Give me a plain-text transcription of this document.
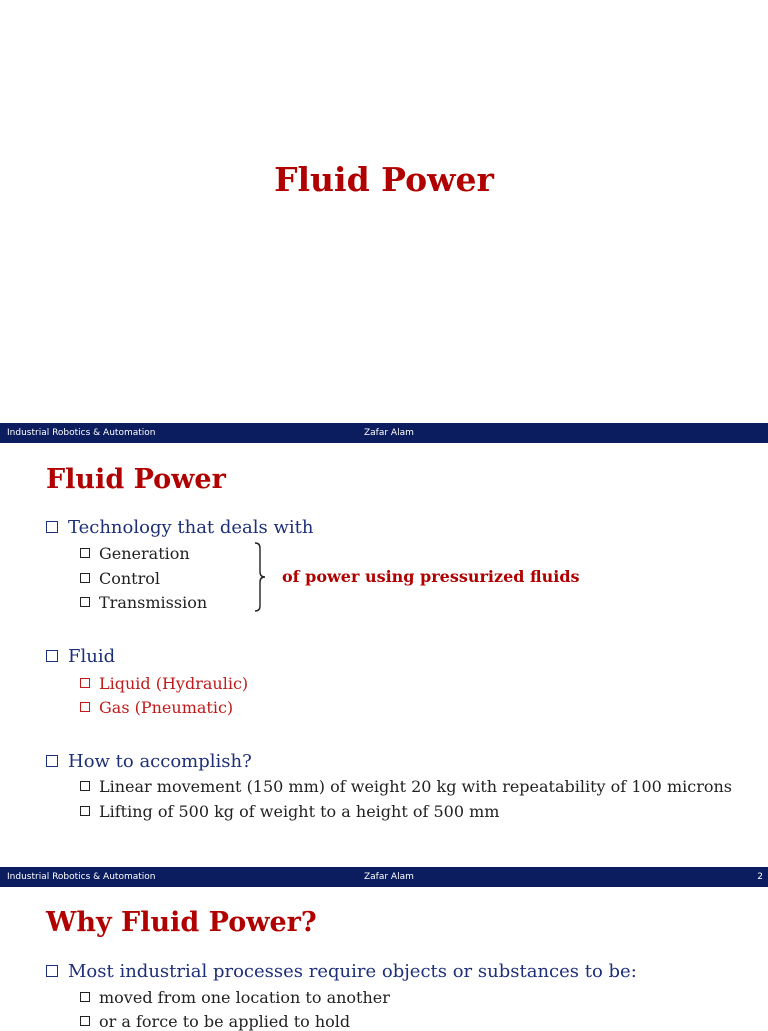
Fluid Power
Industrial Robotics & Automation	Zafar Alam
Fluid Power
Technology that deals with
Generation
Control
Transmission
of power using pressurized fluids
Fluid
Liquid (Hydraulic)
Gas (Pneumatic)
How to accomplish?
Linear movement (150 mm) of weight 20 kg with repeatability of 100 microns
Lifting of 500 kg of weight to a height of 500 mm
Industrial Robotics & Automation	Zafar Alam	2
Why Fluid Power?
Most industrial processes require objects or substances to be:
moved from one location to another
or a force to be applied to hold
